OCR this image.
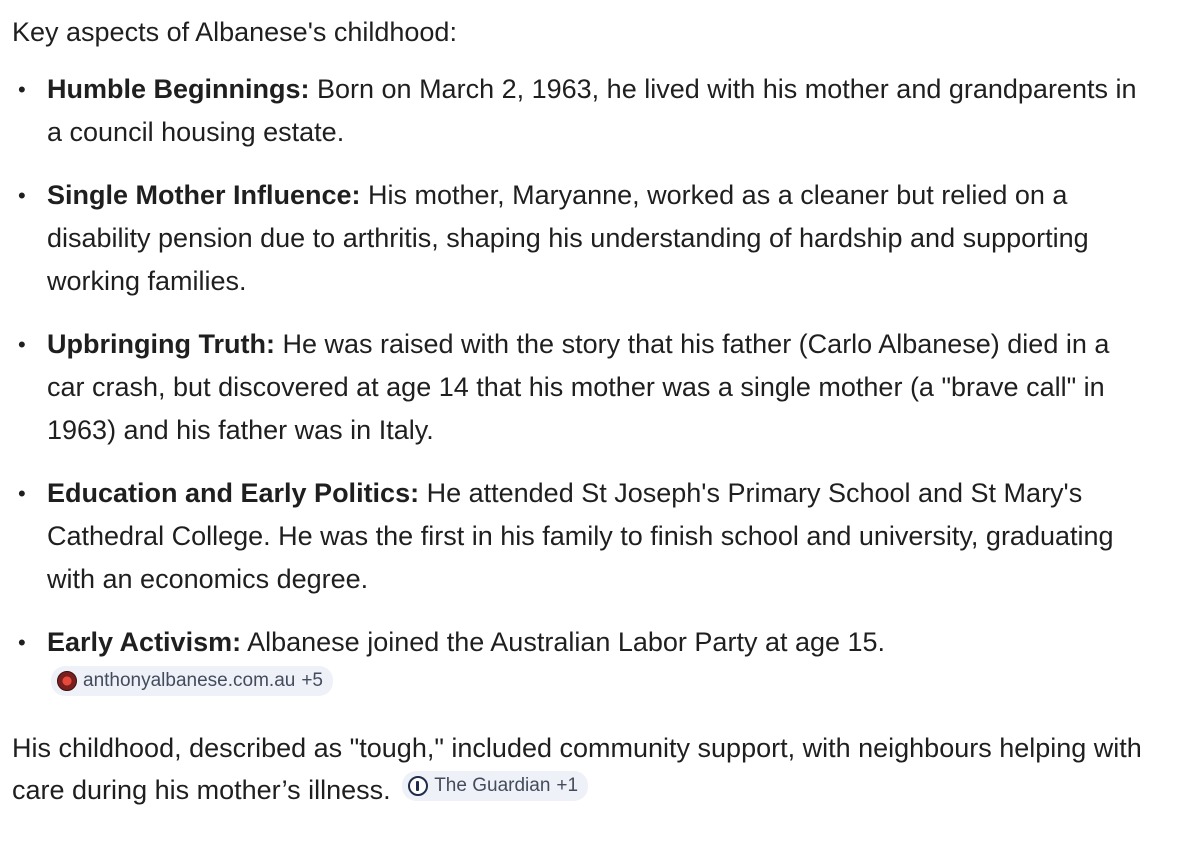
Key aspects of Albanese's childhood:

• Humble Beginnings: Born on March 2, 1963, he lived with his mother and grandparents in a council housing estate.
• Single Mother Influence: His mother, Maryanne, worked as a cleaner but relied on a disability pension due to arthritis, shaping his understanding of hardship and supporting working families.
• Upbringing Truth: He was raised with the story that his father (Carlo Albanese) died in a car crash, but discovered at age 14 that his mother was a single mother (a "brave call" in 1963) and his father was in Italy.
• Education and Early Politics: He attended St Joseph's Primary School and St Mary's Cathedral College. He was the first in his family to finish school and university, graduating with an economics degree.
• Early Activism: Albanese joined the Australian Labor Party at age 15.
anthonyalbanese.com.au +5

His childhood, described as "tough," included community support, with neighbours helping with care during his mother’s illness. The Guardian +1
